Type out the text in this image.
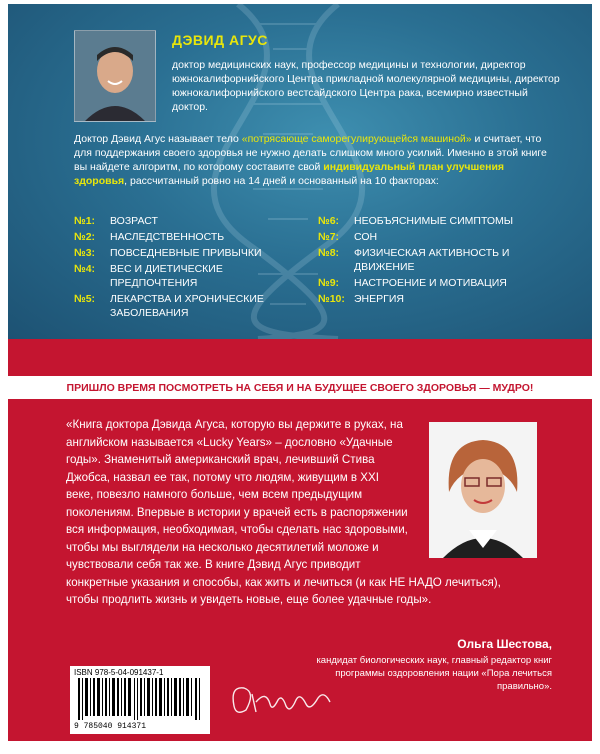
ДЭВИД АГУС
доктор медицинских наук, профессор медицины и технологии, директор южнокалифорнийского Центра прикладной молекулярной медицины, директор южнокалифорнийского вестсайдского Центра рака, всемирно известный доктор.
Доктор Дэвид Агус называет тело «потрясающе саморегулирующейся машиной» и считает, что для поддержания своего здоровья не нужно делать слишком много усилий. Именно в этой книге вы найдете алгоритм, по которому составите свой индивидуальный план улучшения здоровья, рассчитанный ровно на 14 дней и основанный на 10 факторах:
№1:	ВОЗРАСТ
№2:	НАСЛЕДСТВЕННОСТЬ
№3:	ПОВСЕДНЕВНЫЕ ПРИВЫЧКИ
№4:	ВЕС И ДИЕТИЧЕСКИЕ ПРЕДПОЧТЕНИЯ
№5:	ЛЕКАРСТВА И ХРОНИЧЕСКИЕ ЗАБОЛЕВАНИЯ
№6:	НЕОБЪЯСНИМЫЕ СИМПТОМЫ
№7:	СОН
№8:	ФИЗИЧЕСКАЯ АКТИВНОСТЬ И ДВИЖЕНИЕ
№9:	НАСТРОЕНИЕ И МОТИВАЦИЯ
№10: ЭНЕРГИЯ
ПРИШЛО ВРЕМЯ ПОСМОТРЕТЬ НА СЕБЯ И НА БУДУЩЕЕ СВОЕГО ЗДОРОВЬЯ — МУДРО!
«Книга доктора Дэвида Агуса, которую вы держите в руках, на английском называется «Lucky Years» – дословно «Удачные годы». Знаменитый американский врач, лечивший Стива Джобса, назвал ее так, потому что людям, живущим в XXI веке, повезло намного больше, чем всем предыдущим поколениям. Впервые в истории у врачей есть в распоряжении вся информация, необходимая, чтобы сделать нас здоровыми, чтобы мы выглядели на несколько десятилетий моложе и чувствовали себя так же. В книге Дэвид Агус приводит конкретные указания и способы, как жить и лечиться (и как НЕ НАДО лечиться), чтобы продлить жизнь и увидеть новые, еще более удачные годы».
Ольга Шестова,
кандидат биологических наук, главный редактор книг программы оздоровления нации «Пора лечиться правильно».
ISBN 978-5-04-091437-1
9 785040 914371
